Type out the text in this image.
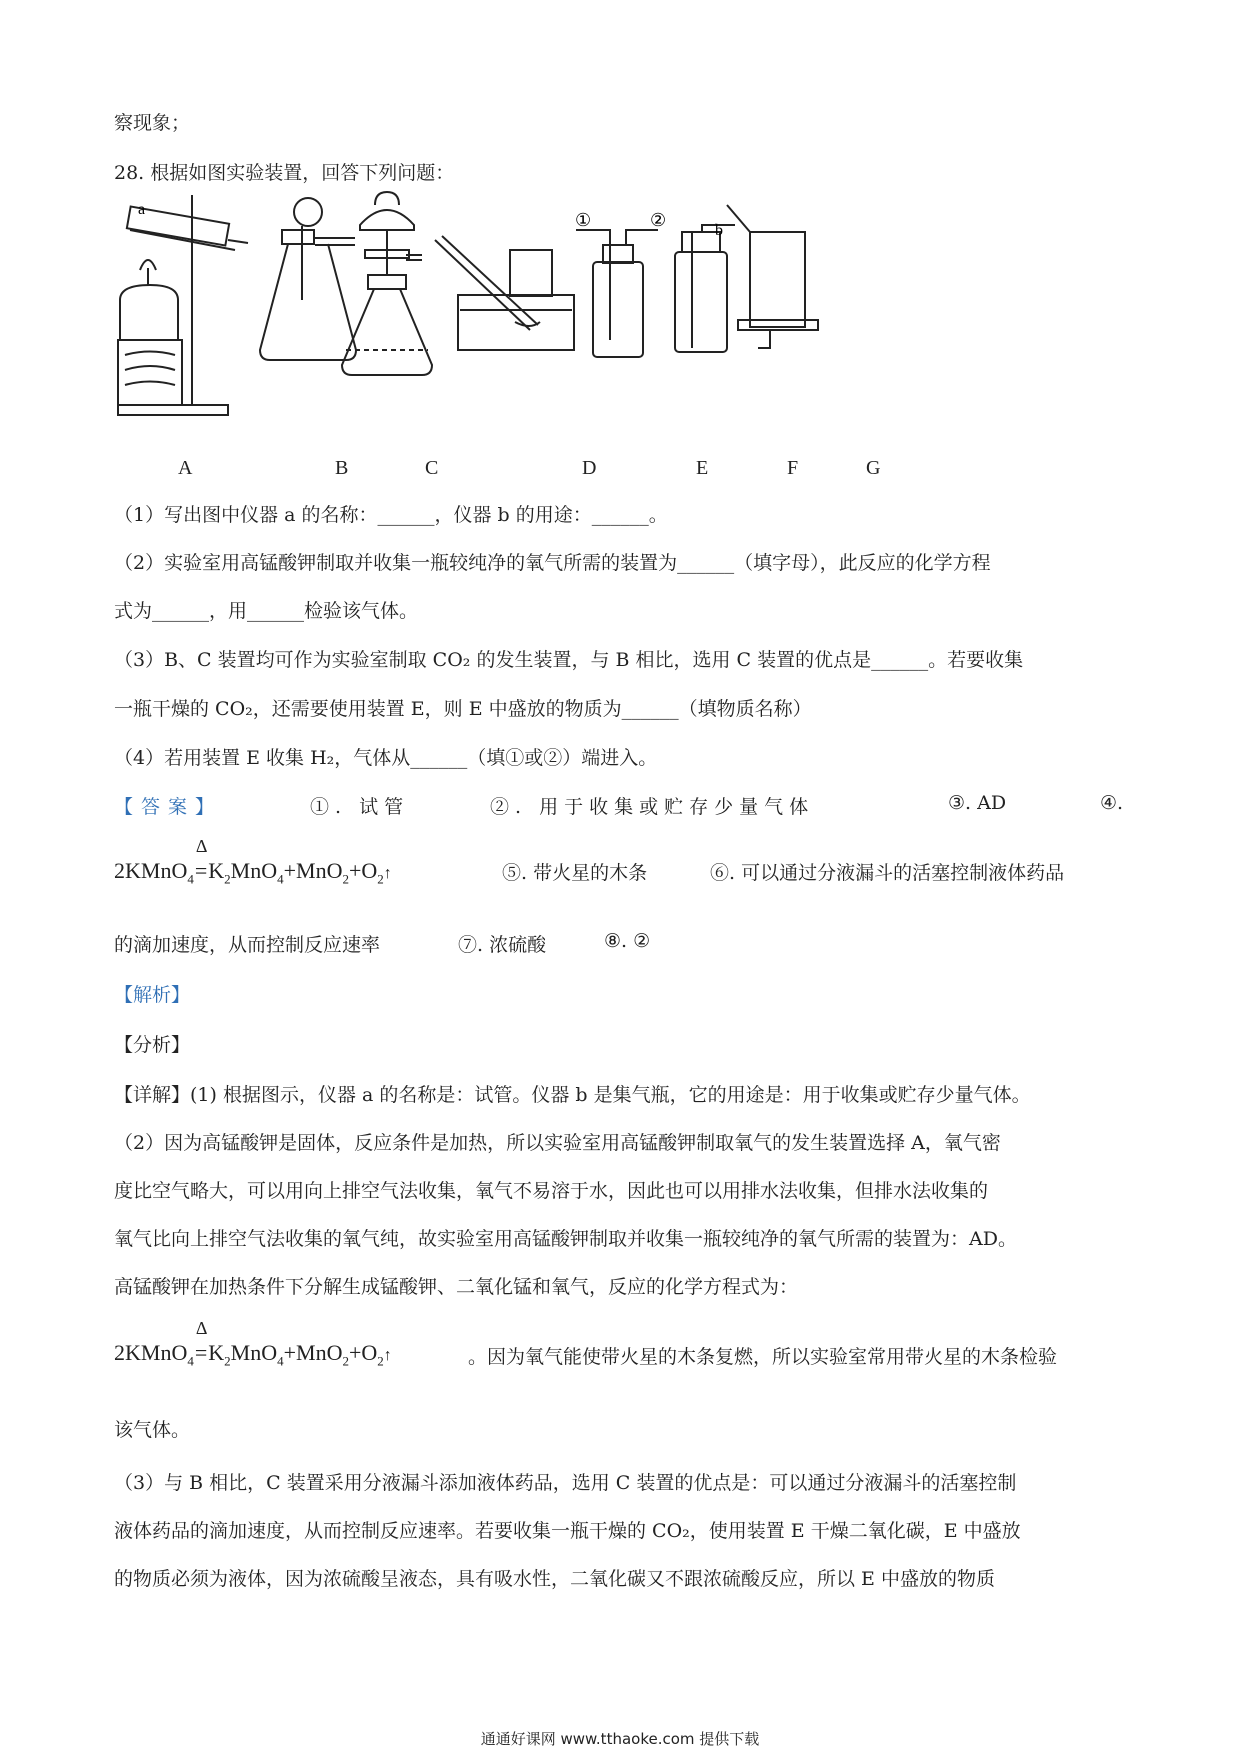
察现象；
28. 根据如图实验装置，回答下列问题：
a
b
①	②
A	B	C	D	E	F	G
（1）写出图中仪器 a 的名称：______，仪器 b 的用途：______。
（2）实验室用高锰酸钾制取并收集一瓶较纯净的氧气所需的装置为______（填字母），此反应的化学方程
式为______，用______检验该气体。
（3）B、C 装置均可作为实验室制取 CO₂ 的发生装置，与 B 相比，选用 C 装置的优点是______。若要收集
一瓶干燥的 CO₂，还需要使用装置 E，则 E 中盛放的物质为______（填物质名称）
（4）若用装置 E 收集 H₂，气体从______（填①或②）端进入。
【答案】	①. 试管	②. 用于收集或贮存少量气体	③. AD	④.
2KMnO$_4$=
Δ
$K_2MnO_4+MnO_2+O_2↑$	⑤. 带火星的木条	⑥. 可以通过分液漏斗的活塞控制液体药品
的滴加速度，从而控制反应速率	⑦. 浓硫酸	⑧. ②
【解析】
【分析】
【详解】(1) 根据图示，仪器 a 的名称是：试管。仪器 b 是集气瓶，它的用途是：用于收集或贮存少量气体。
（2）因为高锰酸钾是固体，反应条件是加热，所以实验室用高锰酸钾制取氧气的发生装置选择 A，氧气密
度比空气略大，可以用向上排空气法收集，氧气不易溶于水，因此也可以用排水法收集，但排水法收集的
氧气比向上排空气法收集的氧气纯，故实验室用高锰酸钾制取并收集一瓶较纯净的氧气所需的装置为：AD。
高锰酸钾在加热条件下分解生成锰酸钾、二氧化锰和氧气，反应的化学方程式为：
2KMnO$_4$=
Δ
$K_2MnO_4+MnO_2+O_2↑$	。因为氧气能使带火星的木条复燃，所以实验室常用带火星的木条检验
该气体。
（3）与 B 相比，C 装置采用分液漏斗添加液体药品，选用 C 装置的优点是：可以通过分液漏斗的活塞控制
液体药品的滴加速度，从而控制反应速率。若要收集一瓶干燥的 CO₂，使用装置 E 干燥二氧化碳，E 中盛放
的物质必须为液体，因为浓硫酸呈液态，具有吸水性，二氧化碳又不跟浓硫酸反应，所以 E 中盛放的物质
通通好课网 www.tthaoke.com 提供下载
